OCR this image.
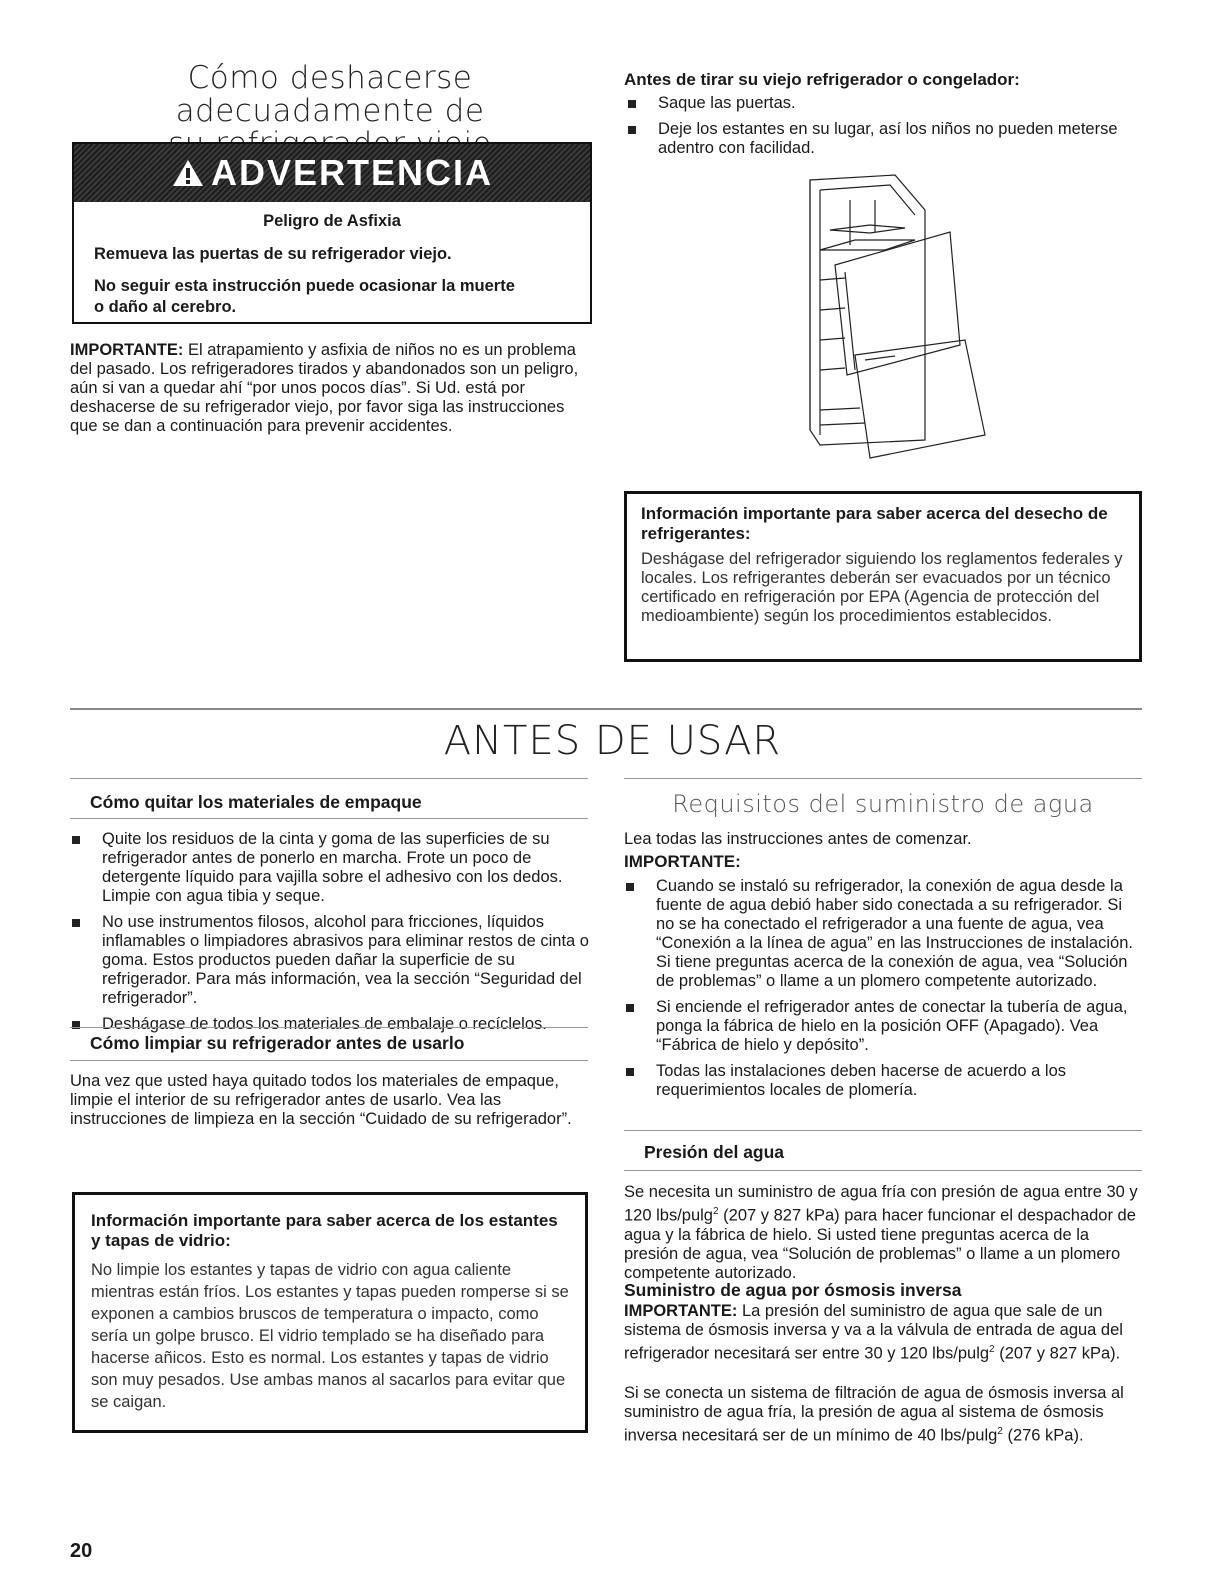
Cómo deshacerse adecuadamente de
ADVERTENCIA
Peligro de Asfixia
Remueva las puertas de su refrigerador viejo.
No seguir esta instrucción puede ocasionar la muerte
o daño al cerebro.

IMPORTANTE: El atrapamiento y asfixia de niños no es un problema del pasado. Los refrigeradores tirados y abandonados son un peligro, aún si van a quedar ahí “por unos pocos días”. Si Ud. está por deshacerse de su refrigerador viejo, por favor siga las instrucciones que se dan a continuación para prevenir accidentes.

Antes de tirar su viejo refrigerador o congelador:
Saque las puertas.
Deje los estantes en su lugar, así los niños no pueden meterse adentro con facilidad.
Información importante para saber acerca del desecho de refrigerantes:

Deshágase del refrigerador siguiendo los reglamentos federales y locales. Los refrigerantes deberán ser evacuados por un técnico certificado en refrigeración por EPA (Agencia de protección del medioambiente) según los procedimientos establecidos.

ANTES DE USAR
Cómo quitar los materiales de empaque
Quite los residuos de la cinta y goma de las superficies de su refrigerador antes de ponerlo en marcha. Frote un poco de detergente líquido para vajilla sobre el adhesivo con los dedos. Limpie con agua tibia y seque.
No use instrumentos filosos, alcohol para fricciones, líquidos inflamables o limpiadores abrasivos para eliminar restos de cinta o goma. Estos productos pueden dañar la superficie de su refrigerador. Para más información, vea la sección “Seguridad del refrigerador”.
Deshágase de todos los materiales de embalaje o recíclelos.
Cómo limpiar su refrigerador antes de usarlo

Una vez que usted haya quitado todos los materiales de empaque, limpie el interior de su refrigerador antes de usarlo. Vea las instrucciones de limpieza en la sección “Cuidado de su refrigerador”.

Información importante para saber acerca de los estantes y tapas de vidrio:

No limpie los estantes y tapas de vidrio con agua caliente mientras están fríos. Los estantes y tapas pueden romperse si se exponen a cambios bruscos de temperatura o impacto, como sería un golpe brusco. El vidrio templado se ha diseñado para hacerse añicos. Esto es normal. Los estantes y tapas de vidrio son muy pesados. Use ambas manos al sacarlos para evitar que se caigan.

20
Requisitos del suministro de agua

Lea todas las instrucciones antes de comenzar.

IMPORTANTE:
Cuando se instaló su refrigerador, la conexión de agua desde la fuente de agua debió haber sido conectada a su refrigerador. Si no se ha conectado el refrigerador a una fuente de agua, vea “Conexión a la línea de agua” en las Instrucciones de instalación. Si tiene preguntas acerca de la conexión de agua, vea “Solución de problemas” o llame a un plomero competente autorizado.
Si enciende el refrigerador antes de conectar la tubería de agua, ponga la fábrica de hielo en la posición OFF (Apagado). Vea “Fábrica de hielo y depósito”.
Todas las instalaciones deben hacerse de acuerdo a los requerimientos locales de plomería.
Presión del agua

Se necesita un suministro de agua fría con presión de agua entre 30 y 120 lbs/pulg$^2$ (207 y 827 kPa) para hacer funcionar el despachador de agua y la fábrica de hielo. Si usted tiene preguntas acerca de la presión de agua, vea “Solución de problemas” o llame a un plomero competente autorizado.

Suministro de agua por ósmosis inversa

IMPORTANTE: La presión del suministro de agua que sale de un sistema de ósmosis inversa y va a la válvula de entrada de agua del refrigerador necesitará ser entre 30 y 120 lbs/pulg$^2$ (207 y 827 kPa).

Si se conecta un sistema de filtración de agua de ósmosis inversa al suministro de agua fría, la presión de agua al sistema de ósmosis inversa necesitará ser de un mínimo de 40 lbs/pulg$^2$ (276 kPa).
